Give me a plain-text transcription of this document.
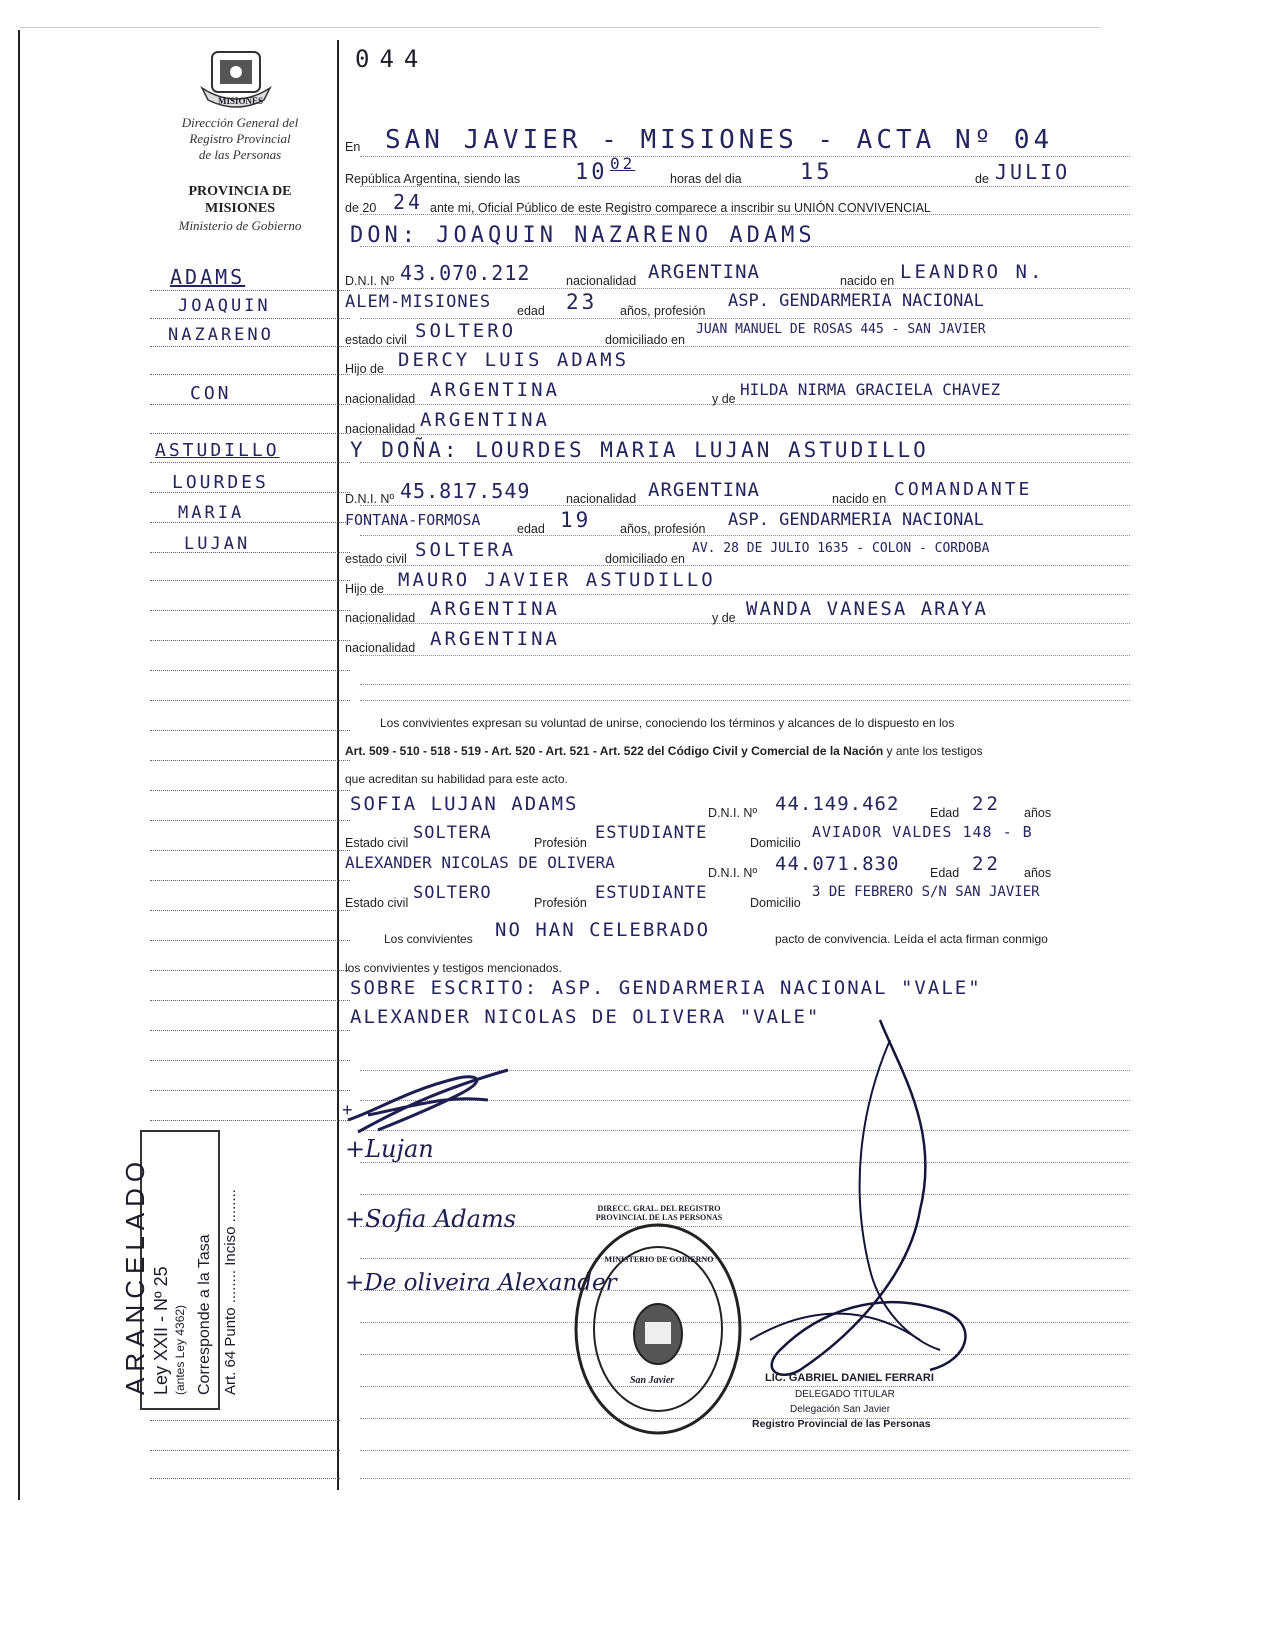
044
MISIONES
Dirección General del
Registro Provincial
de las Personas
PROVINCIA DE
MISIONES
Ministerio de Gobierno
ADAMS
JOAQUIN
NAZARENO
CON
ASTUDILLO
LOURDES
MARIA
LUJAN
En SAN JAVIER - MISIONES - ACTA Nº 04
República Argentina, siendo las 10 02
horas del dia	15	de JULIO
de 20 24 ante mi, Oficial Público de este Registro comparece a inscribir su UNIÓN CONVIVENCIAL
DON: JOAQUIN NAZARENO ADAMS
D.N.I. Nº 43.070.212	nacionalidad ARGENTINA	nacido en LEANDRO N.
ALEM-MISIONES edad 23 años, profesión ASP. GENDARMERIA NACIONAL
estado civil SOLTERO	domiciliado en
JUAN MANUEL DE ROSAS 445 - SAN JAVIER
Hijo de DERCY LUIS ADAMS
nacionalidad ARGENTINA	y de HILDA NIRMA GRACIELA CHAVEZ
nacionalidad ARGENTINA
Y DOÑA: LOURDES MARIA LUJAN ASTUDILLO
D.N.I. Nº 45.817.549	nacionalidad ARGENTINA	nacido en COMANDANTE
FONTANA-FORMOSA	edad 19 años, profesión ASP. GENDARMERIA NACIONAL
estado civil SOLTERA	domiciliado en
AV. 28 DE JULIO 1635 - COLON - CORDOBA
Hijo de MAURO JAVIER ASTUDILLO
nacionalidad ARGENTINA	y de WANDA VANESA ARAYA
nacionalidad ARGENTINA
Los convivientes expresan su voluntad de unirse, conociendo los términos y alcances de lo dispuesto en los
Art. 509 - 510 - 518 - 519 - Art. 520 - Art. 521 - Art. 522 del Código Civil y Comercial de la Nación y ante los testigos
que acreditan su habilidad para este acto.
SOFIA LUJAN ADAMS	D.N.I. Nº 44.149.462 Edad 22 años
Estado civil SOLTERA	Profesión ESTUDIANTE	Domicilio
AVIADOR VALDES 148 - B
ALEXANDER NICOLAS DE OLIVERA
D.N.I. Nº 44.071.830 Edad 22 años
Estado civil SOLTERO	Profesión ESTUDIANTE	Domicilio
3 DE FEBRERO S/N SAN JAVIER
Los convivientes NO HAN CELEBRADO	pacto de convivencia. Leída el acta firman conmigo
los convivientes y testigos mencionados.
SOBRE ESCRITO: ASP. GENDARMERIA NACIONAL "VALE"
ALEXANDER NICOLAS DE OLIVERA "VALE"
+
+Lujan
+Sofia Adams
+De oliveira Alexander
DIRECC. GRAL. DEL REGISTRO PROVINCIAL DE LAS PERSONAS
MINISTERIO DE GOBIERNO
San Javier	LIC. GABRIEL DANIEL FERRARI
DELEGADO TITULAR
Delegación San Javier
Registro Provincial de las Personas
ARANCELADO Ley XXII - Nº 25 (antes Ley 4362) Corresponde a la Tasa Art. 64 Punto ........ Inciso ........
